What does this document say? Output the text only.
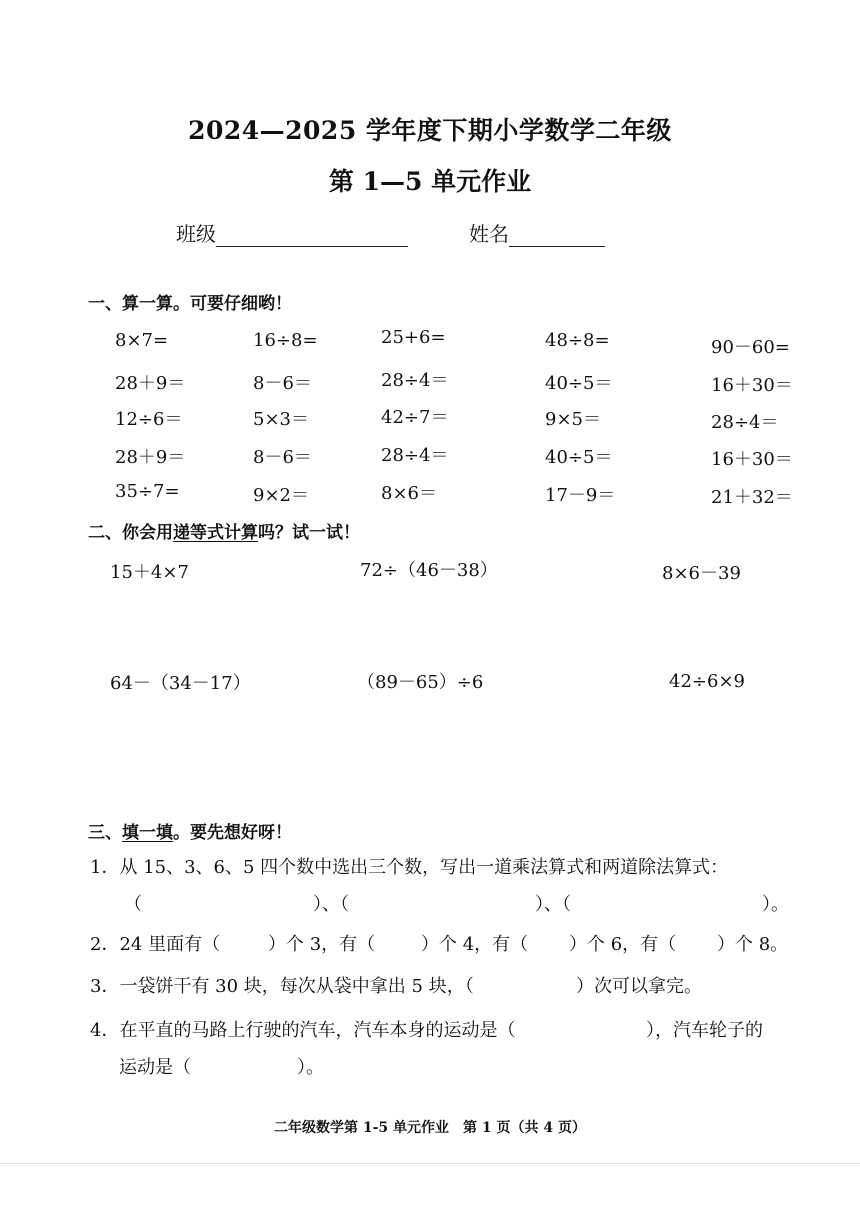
2024—2025 学年度下期小学数学二年级
第 1—5 单元作业
班级	姓名
一、算一算。可要仔细哟！
8×7=	16÷8=	25+6=	48÷8=	90－60=
28＋9＝	8－6＝	28÷4＝	40÷5＝	16＋30＝
12÷6＝	5×3＝	42÷7＝	9×5＝	28÷4＝
28＋9＝	8－6＝	28÷4＝	40÷5＝	16＋30＝
35÷7=	9×2＝	8×6＝	17－9＝	21＋32＝
二、你会用递等式计算吗？试一试！
15＋4×7	72÷（46－38）	8×6－39
64－（34－17）	（89－65）÷6	42÷6×9
三、填一填。要先想好呀！
1．从 15、3、6、5 四个数中选出三个数，写出一道乘法算式和两道除法算式：
（	）、（	）、（	）。
2．24 里面有（	）个 3，有（	）个 4，有（ ）个 6，有（ ）个 8。
3．一袋饼干有 30 块，每次从袋中拿出 5 块，（	）次可以拿完。
4．在平直的马路上行驶的汽车，汽车本身的运动是（	），汽车轮子的
运动是（	）。
二年级数学第 1-5 单元作业　第 1 页（共 4 页）
